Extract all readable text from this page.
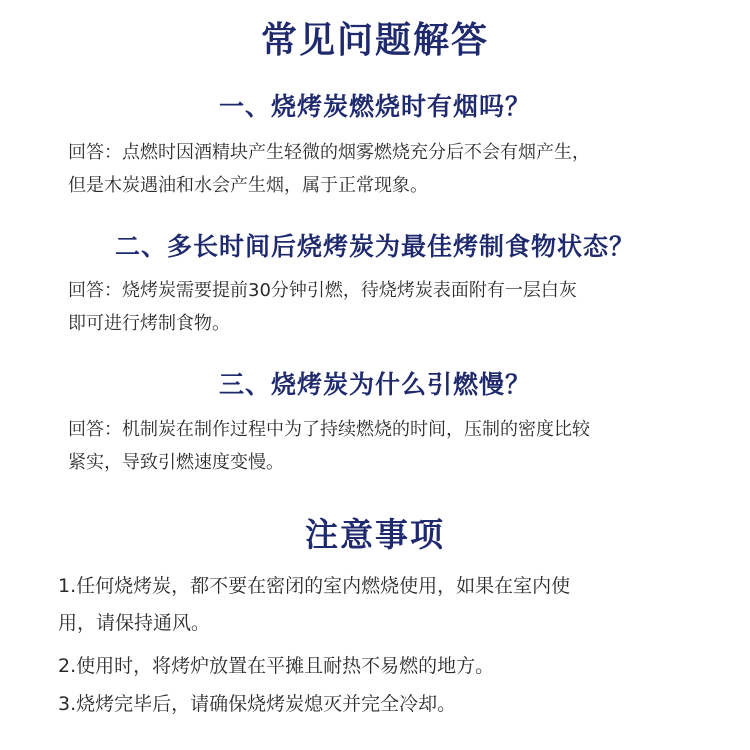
常见问题解答
一、烧烤炭燃烧时有烟吗？
回答：点燃时因酒精块产生轻微的烟雾燃烧充分后不会有烟产生，
但是木炭遇油和水会产生烟，属于正常现象。
二、多长时间后烧烤炭为最佳烤制食物状态？
回答：烧烤炭需要提前30分钟引燃，待烧烤炭表面附有一层白灰
即可进行烤制食物。
三、烧烤炭为什么引燃慢？
回答：机制炭在制作过程中为了持续燃烧的时间，压制的密度比较
紧实，导致引燃速度变慢。
注意事项
1.任何烧烤炭，都不要在密闭的室内燃烧使用，如果在室内使
用，请保持通风。
2.使用时，将烤炉放置在平摊且耐热不易燃的地方。
3.烧烤完毕后，请确保烧烤炭熄灭并完全冷却。
